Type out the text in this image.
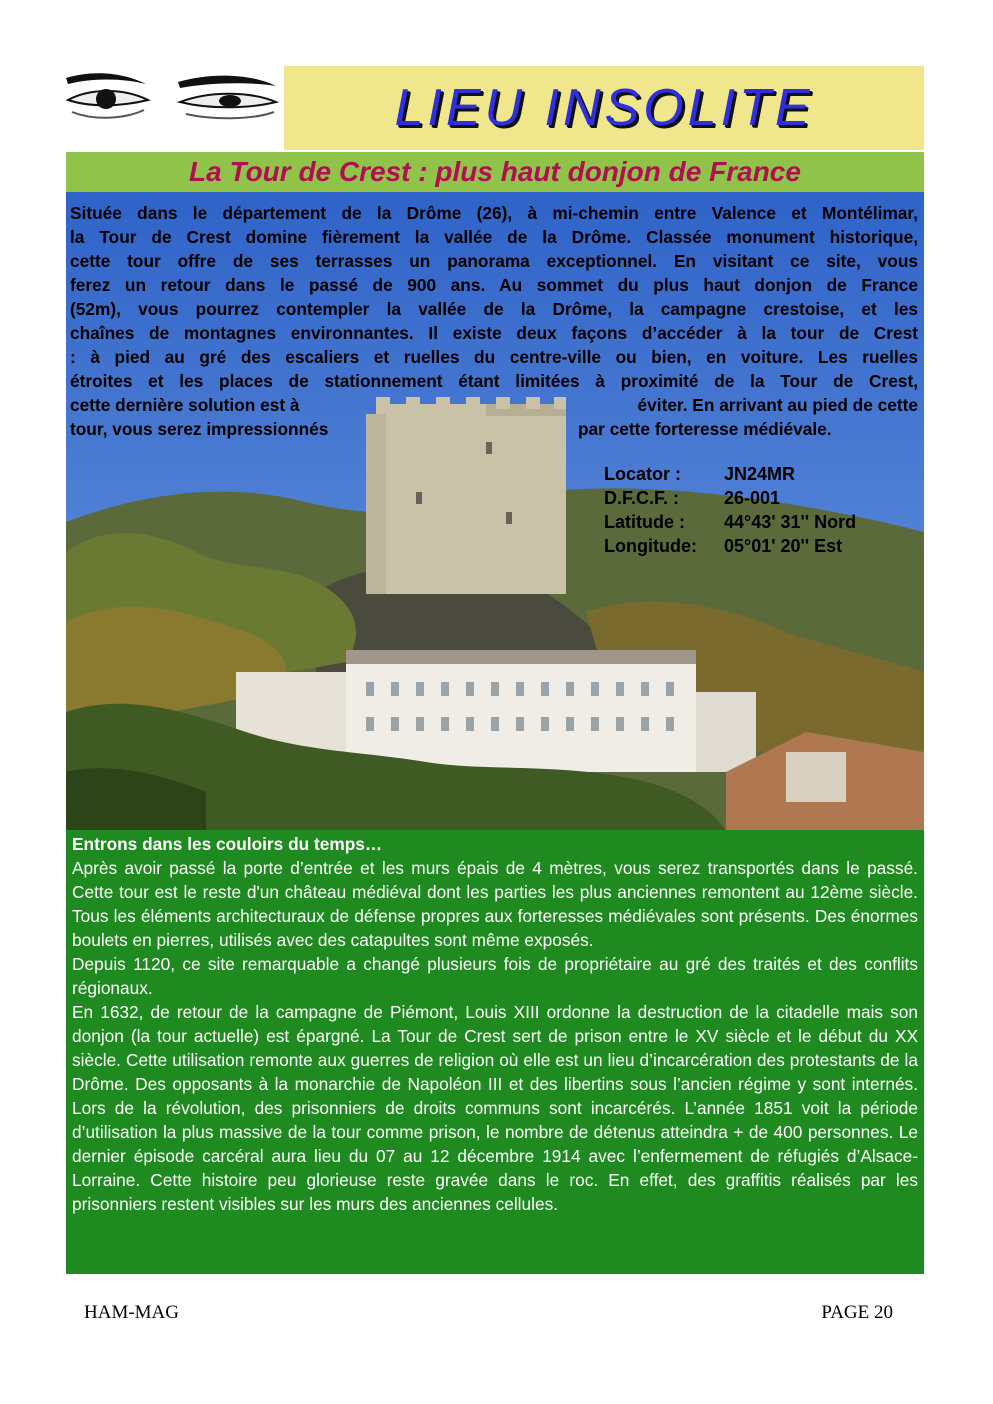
LIEU INSOLITE
La Tour de Crest : plus haut donjon de France
Située dans le département de la Drôme (26), à mi-chemin entre Valence et Montélimar,
la Tour de Crest domine fièrement la vallée de la Drôme. Classée monument historique,
cette tour offre de ses terrasses un panorama exceptionnel. En visitant ce site, vous
ferez un retour dans le passé de 900 ans. Au sommet du plus haut donjon de France
(52m), vous pourrez contempler la vallée de la Drôme, la campagne crestoise, et les
chaînes de montagnes environnantes. Il existe deux façons d’accéder à la tour de Crest
: à pied au gré des escaliers et ruelles du centre-ville ou bien, en voiture. Les ruelles
étroites et les places de stationnement étant limitées à proximité de la Tour de Crest,
cette dernière solution est à	éviter. En arrivant au pied de cette
tour, vous serez impressionnés	par cette forteresse médiévale.
Locator :	JN24MR
D.F.C.F. :	26-001
Latitude :	44°43' 31'' Nord
Longitude:	05°01' 20'' Est
Entrons dans les couloirs du temps…

Après avoir passé la porte d’entrée et les murs épais de 4 mètres, vous serez transportés dans le passé. Cette tour est le reste d'un château médiéval dont les parties les plus anciennes remontent au 12ème siècle. Tous les éléments architecturaux de défense propres aux forteresses médiévales sont présents. Des énormes boulets en pierres, utilisés avec des catapultes sont même exposés.

Depuis 1120, ce site remarquable a changé plusieurs fois de propriétaire au gré des traités et des conflits régionaux.

En 1632, de retour de la campagne de Piémont, Louis XIII ordonne la destruction de la citadelle mais son donjon (la tour actuelle) est épargné. La Tour de Crest sert de prison entre le XV siècle et le début du XX siècle. Cette utilisation remonte aux guerres de religion où elle est un lieu d’incarcération des protestants de la Drôme. Des opposants à la monarchie de Napoléon III et des libertins sous l’ancien régime y sont internés. Lors de la révolution, des prisonniers de droits communs sont incarcérés. L’année 1851 voit la période d’utilisation la plus massive de la tour comme prison, le nombre de détenus atteindra + de 400 personnes. Le dernier épisode carcéral aura lieu du 07 au 12 décembre 1914 avec l’enfermement de réfugiés d’Alsace-Lorraine. Cette histoire peu glorieuse reste gravée dans le roc. En effet, des graffitis réalisés par les prisonniers restent visibles sur les murs des anciennes cellules.

HAM-MAG	PAGE 20
